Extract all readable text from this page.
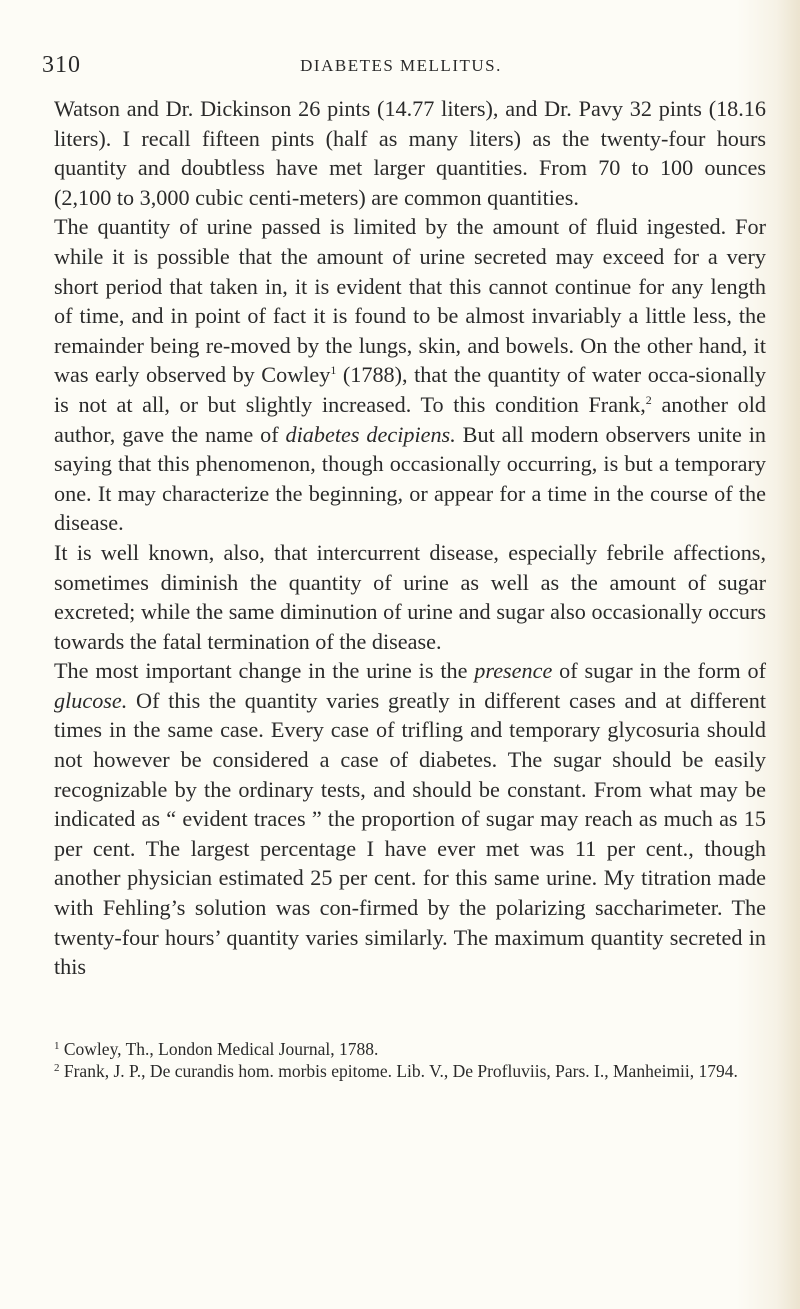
310	DIABETES MELLITUS.

Watson and Dr. Dickinson 26 pints (14.77 liters), and Dr. Pavy 32 pints (18.16 liters). I recall fifteen pints (half as many liters) as the twenty-four hours quantity and doubtless have met larger quantities. From 70 to 100 ounces (2,100 to 3,000 cubic centi-meters) are common quantities.

The quantity of urine passed is limited by the amount of fluid ingested. For while it is possible that the amount of urine secreted may exceed for a very short period that taken in, it is evident that this cannot continue for any length of time, and in point of fact it is found to be almost invariably a little less, the remainder being re-moved by the lungs, skin, and bowels. On the other hand, it was early observed by Cowley$^1$ (1788), that the quantity of water occa-sionally is not at all, or but slightly increased. To this condition Frank,$^2$ another old author, gave the name of diabetes decipiens. But all modern observers unite in saying that this phenomenon, though occasionally occurring, is but a temporary one. It may characterize the beginning, or appear for a time in the course of the disease.

It is well known, also, that intercurrent disease, especially febrile affections, sometimes diminish the quantity of urine as well as the amount of sugar excreted; while the same diminution of urine and sugar also occasionally occurs towards the fatal termination of the disease.

The most important change in the urine is the presence of sugar in the form of glucose. Of this the quantity varies greatly in different cases and at different times in the same case. Every case of trifling and temporary glycosuria should not however be considered a case of diabetes. The sugar should be easily recognizable by the ordinary tests, and should be constant. From what may be indicated as “ evident traces ” the proportion of sugar may reach as much as 15 per cent. The largest percentage I have ever met was 11 per cent., though another physician estimated 25 per cent. for this same urine. My titration made with Fehling’s solution was con-firmed by the polarizing saccharimeter. The twenty-four hours’ quantity varies similarly. The maximum quantity secreted in this

$^1$ Cowley, Th., London Medical Journal, 1788.

$^2$ Frank, J. P., De curandis hom. morbis epitome. Lib. V., De Profluviis, Pars. I., Manheimii, 1794.
